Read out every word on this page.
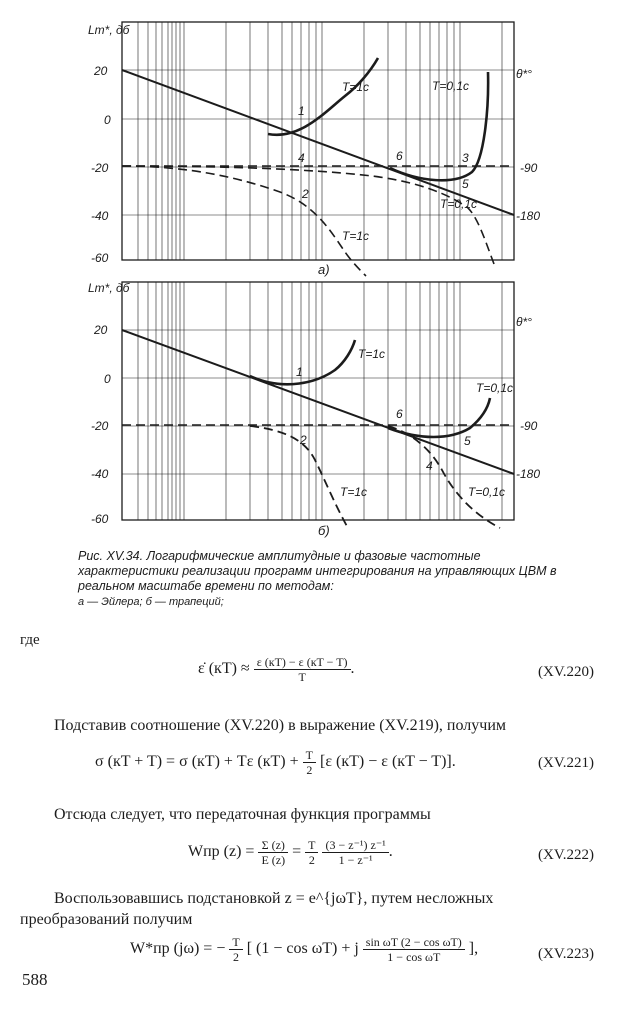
Lm*, дб
20
0
-20
-40
-60
θ*°
-90
-180
1
2
3
4
5
6
T=1c	T=0,1c
T=0,1c
T=1c
а)
Lm*, дб
20
0
-20
-40
-60
θ*°
-90
-180
1
2
4
5
6
T=1c
T=0,1c
T=1c	T=0,1c
б)
Рис. XV.34. Логарифмические амплитудные и фазовые частотные характеристики реализации программ интегрирования на управляющих ЦВМ в реальном масштабе времени по методам:
а — Эйлера; б — трапеций;
где
ε̇ $(кT) \approx \frac{\varepsilon (кT) - \varepsilon (кT - T)}{T}$ .	(XV.220)
Подставив соотношение (XV.220) в выражение (XV.219), получим
σ (кT + T) = σ (кT) + Tε $(кT) + \frac{T}{2} [\varepsilon$ (кT) − ε (кT − T)].	(XV.221)
Отсюда следует, что передаточная функция программы
Wпр $(z) = \frac{\Sigma (z)}{E (z)} = \frac{T}{2}$
$\frac{\text{(3 − z⁻¹) z⁻¹}}{\text{1 − z⁻¹}}$ .	(XV.222)
Воспользовавшись подстановкой z = e^{jωT}, путем несложных преобразований получим
W*пр (jω) = − $\frac{T}{2}$ [ (1 − cos ωT) + j $\frac{\text{sin ωT (2 − cos ωT)}}{\text{1 − cos ωT}}$ ],	(XV.223)
588
